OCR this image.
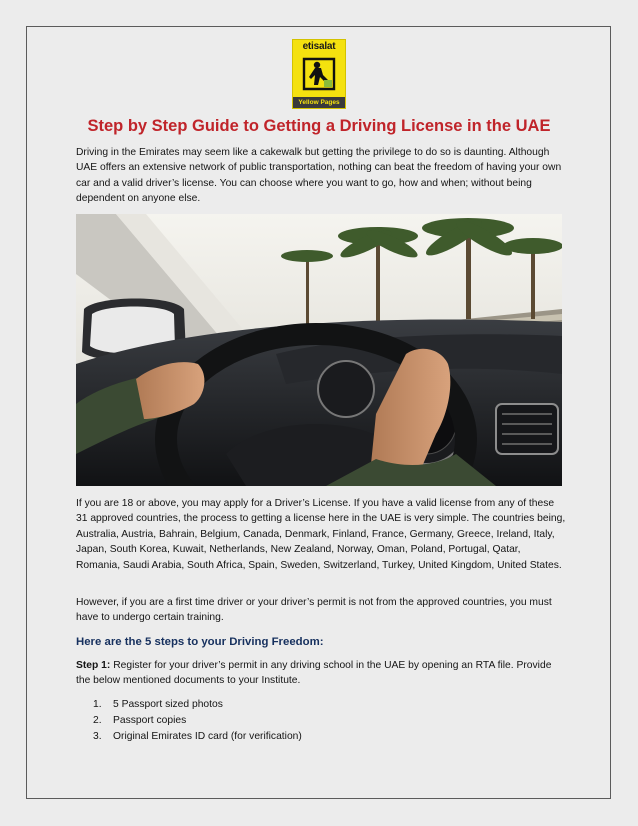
etisalat
Yellow Pages
Step by Step Guide to Getting a Driving License in the UAE

Driving in the Emirates may seem like a cakewalk but getting the privilege to do so is daunting. Although UAE offers an extensive network of public transportation, nothing can beat the freedom of having your own car and a valid driver’s license. You can choose where you want to go, how and when; without being dependent on anyone else.

If you are 18 or above, you may apply for a Driver’s License. If you have a valid license from any of these 31 approved countries, the process to getting a license here in the UAE is very simple. The countries being, Australia, Austria, Bahrain, Belgium, Canada, Denmark, Finland, France, Germany, Greece, Ireland, Italy, Japan, South Korea, Kuwait, Netherlands, New Zealand, Norway, Oman, Poland, Portugal, Qatar, Romania, Saudi Arabia, South Africa, Spain, Sweden, Switzerland, Turkey, United Kingdom, United States.

However, if you are a first time driver or your driver’s permit is not from the approved countries, you must have to undergo certain training.

Here are the 5 steps to your Driving Freedom:

Step 1: Register for your driver’s permit in any driving school in the UAE by opening an RTA file. Provide the below mentioned documents to your Institute.

1. 5 Passport sized photos
2. Passport copies
3. Original Emirates ID card (for verification)
